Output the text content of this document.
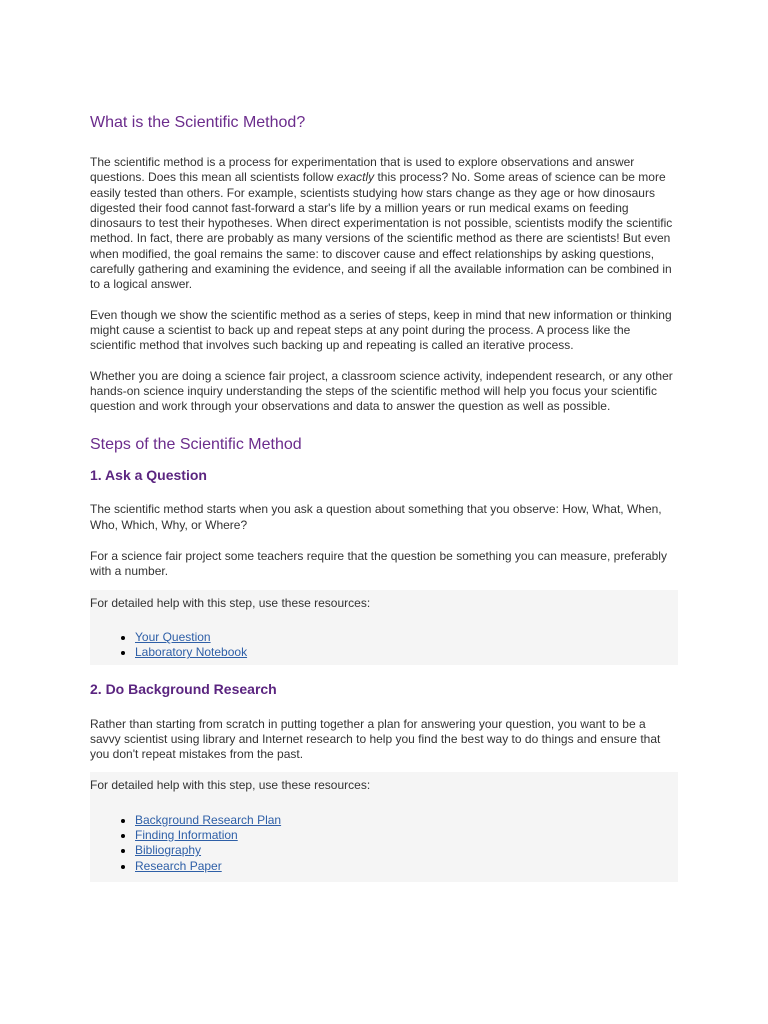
What is the Scientific Method?

The scientific method is a process for experimentation that is used to explore observations and answer questions. Does this mean all scientists follow exactly this process? No. Some areas of science can be more easily tested than others. For example, scientists studying how stars change as they age or how dinosaurs digested their food cannot fast-forward a star's life by a million years or run medical exams on feeding dinosaurs to test their hypotheses. When direct experimentation is not possible, scientists modify the scientific method. In fact, there are probably as many versions of the scientific method as there are scientists! But even when modified, the goal remains the same: to discover cause and effect relationships by asking questions, carefully gathering and examining the evidence, and seeing if all the available information can be combined in to a logical answer.

Even though we show the scientific method as a series of steps, keep in mind that new information or thinking might cause a scientist to back up and repeat steps at any point during the process. A process like the scientific method that involves such backing up and repeating is called an iterative process.

Whether you are doing a science fair project, a classroom science activity, independent research, or any other hands-on science inquiry understanding the steps of the scientific method will help you focus your scientific question and work through your observations and data to answer the question as well as possible.

Steps of the Scientific Method
1. Ask a Question

The scientific method starts when you ask a question about something that you observe: How, What, When, Who, Which, Why, or Where?

For a science fair project some teachers require that the question be something you can measure, preferably with a number.

For detailed help with this step, use these resources:

• Your Question
• Laboratory Notebook
2. Do Background Research

Rather than starting from scratch in putting together a plan for answering your question, you want to be a savvy scientist using library and Internet research to help you find the best way to do things and ensure that you don't repeat mistakes from the past.

For detailed help with this step, use these resources:

• Background Research Plan
• Finding Information
• Bibliography
• Research Paper
